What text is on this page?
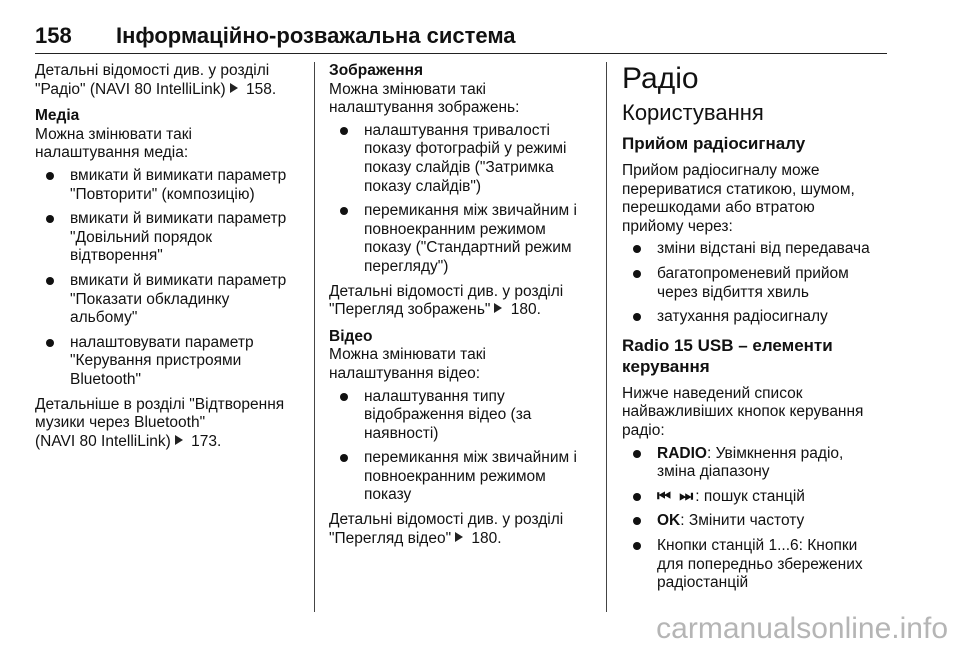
158 Інформаційно-розважальна система

Детальні відомості див. у розділі

"Радіо" (NAVI 80 IntelliLink) 158.

Медіа

Можна змінювати такі

налаштування медіа:

вмикати й вимикати параметр
"Повторити" (композицію)
вмикати й вимикати параметр
"Довільний порядок
відтворення"
вмикати й вимикати параметр
"Показати обкладинку
альбому"
налаштовувати параметр
"Керування пристроями
Bluetooth"

Детальніше в розділі "Відтворення

музики через Bluetooth"

(NAVI 80 IntelliLink) 173.

Зображення

Можна змінювати такі

налаштування зображень:

налаштування тривалості
показу фотографій у режимі
показу слайдів ("Затримка
показу слайдів")
перемикання між звичайним і
повноекранним режимом
показу ("Стандартний режим
перегляду")

Детальні відомості див. у розділі

"Перегляд зображень" 180.

Відео

Можна змінювати такі

налаштування відео:

налаштування типу
відображення відео (за
наявності)
перемикання між звичайним і
повноекранним режимом
показу

Детальні відомості див. у розділі

"Перегляд відео" 180.

Радіо

Користування

Прийом радіосигналу

Прийом радіосигналу може

перериватися статикою, шумом,

перешкодами або втратою

прийому через:

зміни відстані від передавача
багатопроменевий прийом
через відбиття хвиль
затухання радіосигналу

Radio 15 USB – елементи
керування

Нижче наведений список

найважливіших кнопок керування

радіо:

RADIO: Увімкнення радіо,
зміна діапазону
⏮ ⏭: пошук станцій
OK: Змінити частоту
Кнопки станцій 1...6: Кнопки
для попередньо збережених
радіостанцій
carmanualsonline.info
